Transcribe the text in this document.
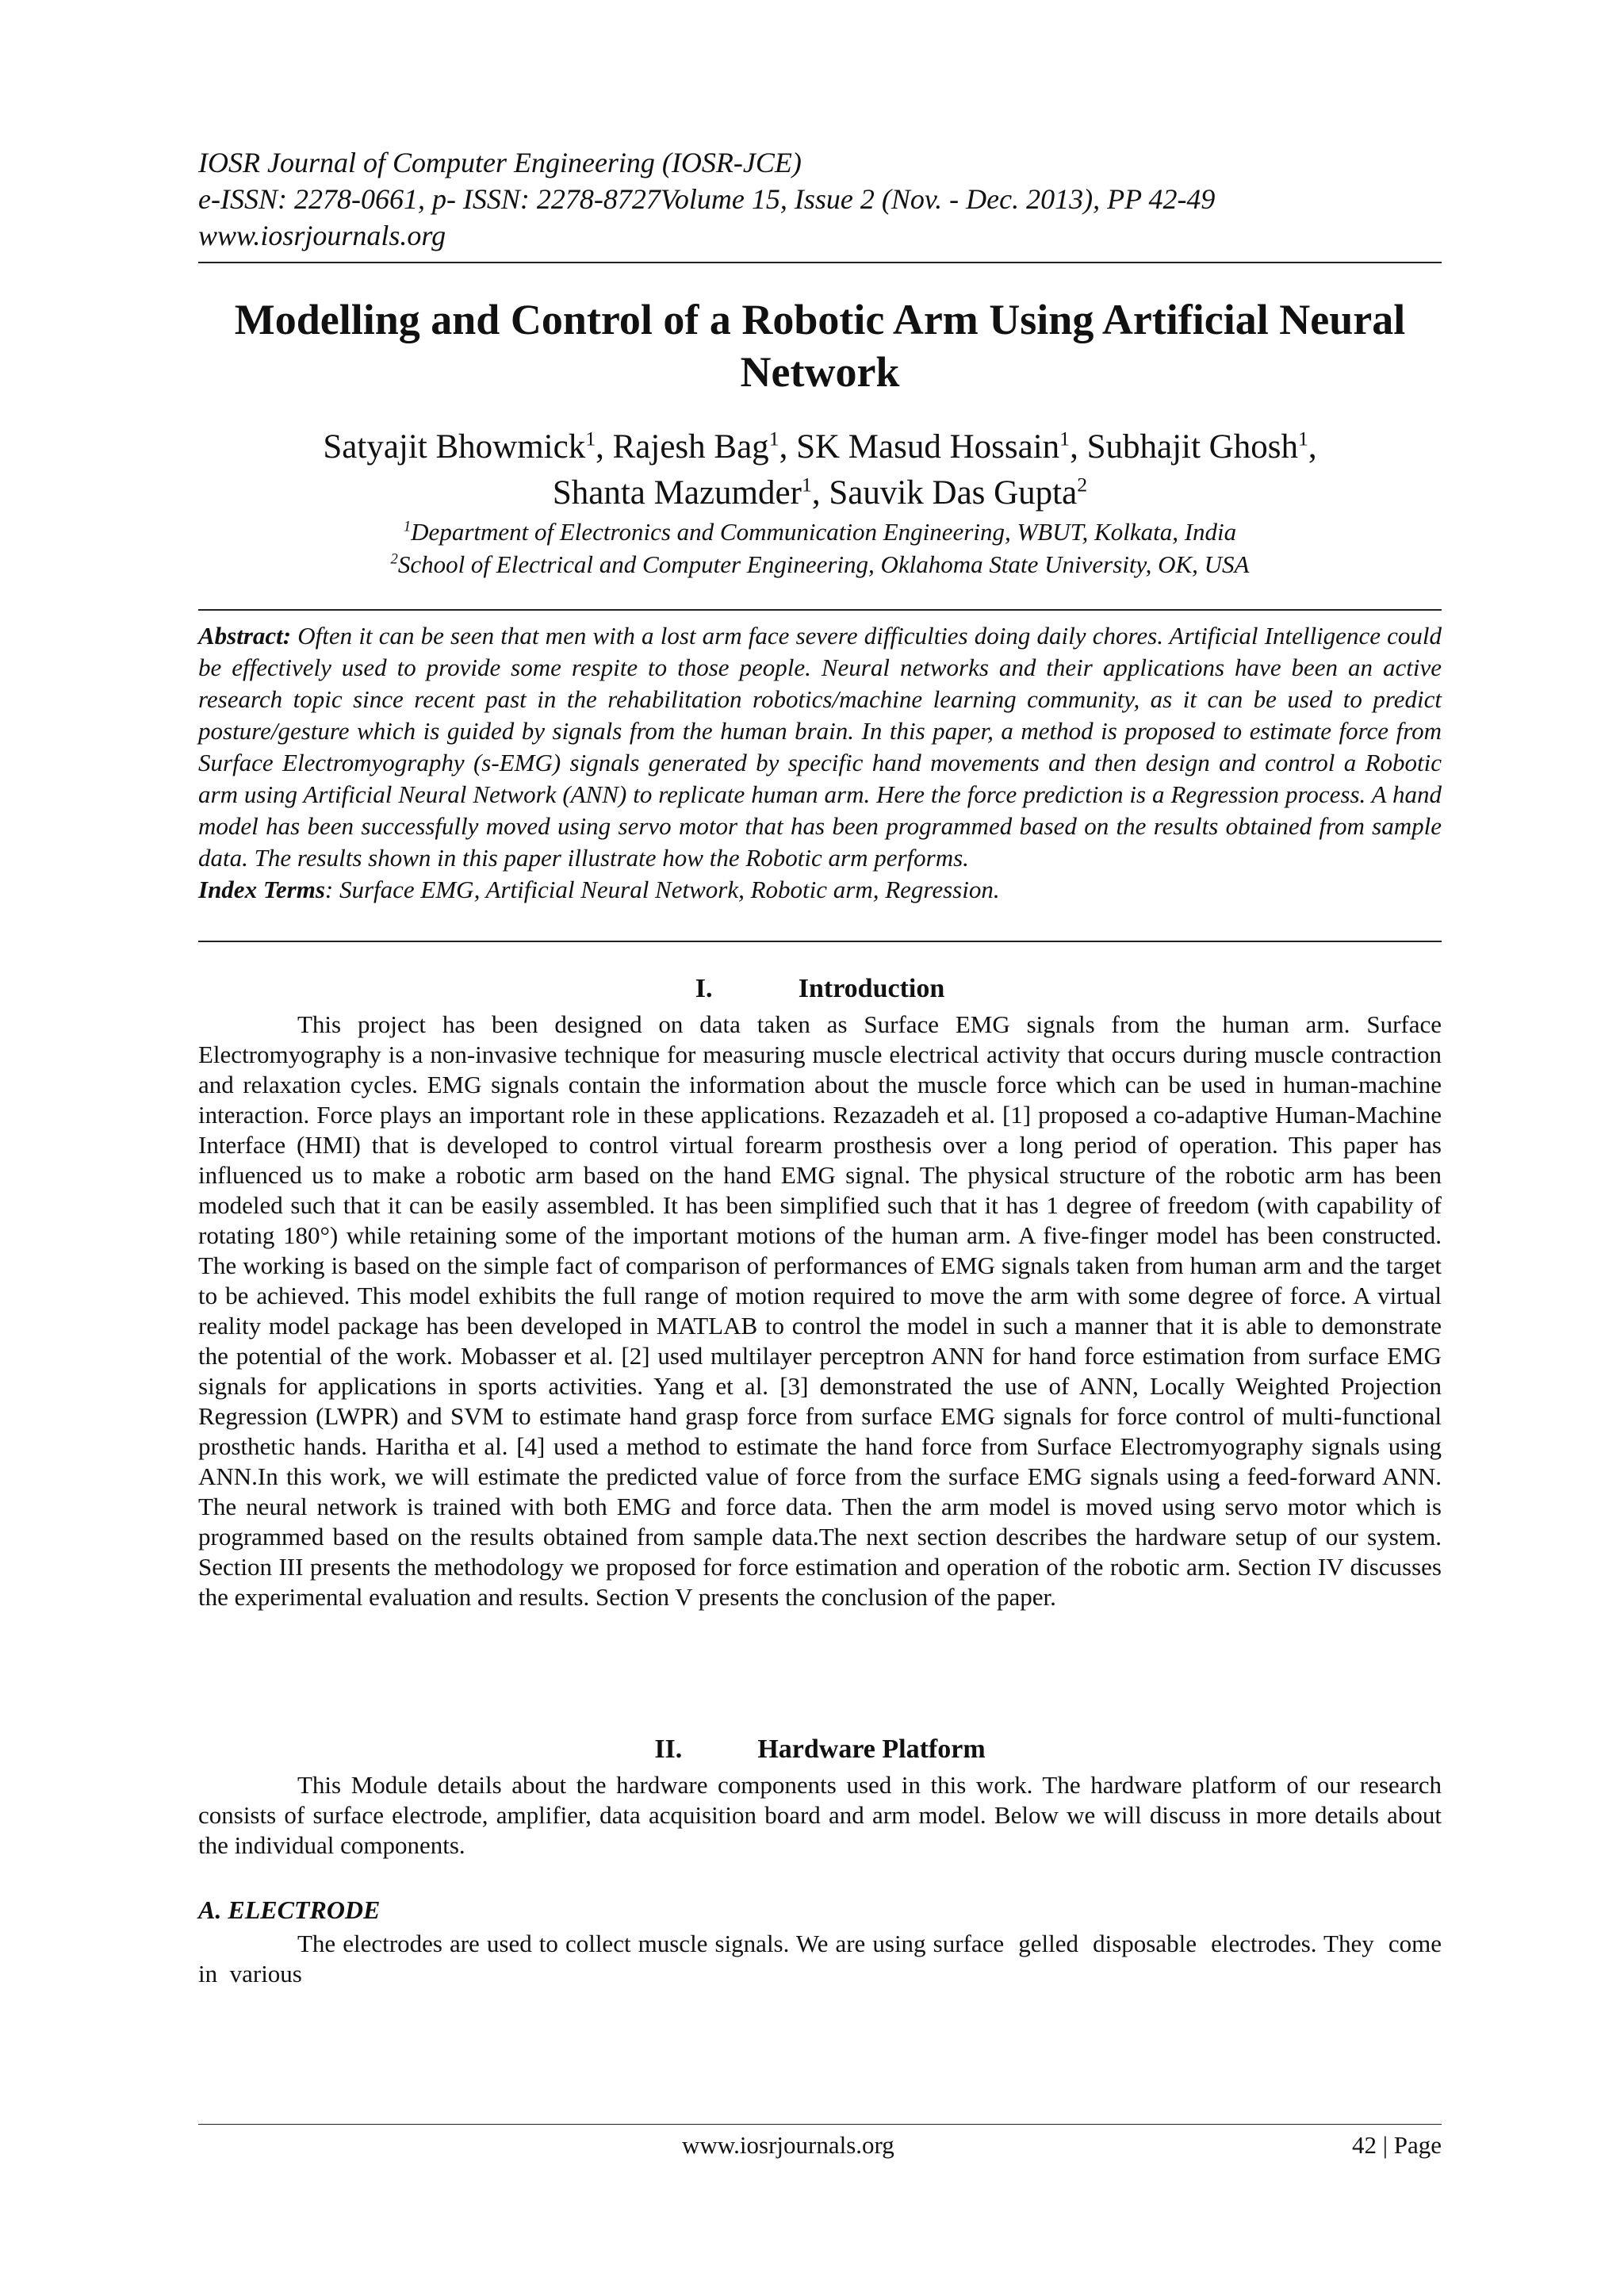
IOSR Journal of Computer Engineering (IOSR-JCE)
e-ISSN: 2278-0661, p- ISSN: 2278-8727Volume 15, Issue 2 (Nov. - Dec. 2013), PP 42-49
www.iosrjournals.org
Modelling and Control of a Robotic Arm Using Artificial Neural Network
Satyajit Bhowmick$^1$, Rajesh Bag$^1$, SK Masud Hossain$^1$, Subhajit Ghosh$^1$,
Shanta Mazumder$^1$, Sauvik Das Gupta$^2$
$^1$Department of Electronics and Communication Engineering, WBUT, Kolkata, India
$^2$School of Electrical and Computer Engineering, Oklahoma State University, OK, USA
Abstract: Often it can be seen that men with a lost arm face severe difficulties doing daily chores. Artificial Intelligence could be effectively used to provide some respite to those people. Neural networks and their applications have been an active research topic since recent past in the rehabilitation robotics/machine learning community, as it can be used to predict posture/gesture which is guided by signals from the human brain. In this paper, a method is proposed to estimate force from Surface Electromyography (s-EMG) signals generated by specific hand movements and then design and control a Robotic arm using Artificial Neural Network (ANN) to replicate human arm. Here the force prediction is a Regression process. A hand model has been successfully moved using servo motor that has been programmed based on the results obtained from sample data. The results shown in this paper illustrate how the Robotic arm performs.
Index Terms: Surface EMG, Artificial Neural Network, Robotic arm, Regression.
I.	Introduction
This project has been designed on data taken as Surface EMG signals from the human arm. Surface Electromyography is a non-invasive technique for measuring muscle electrical activity that occurs during muscle contraction and relaxation cycles. EMG signals contain the information about the muscle force which can be used in human-machine interaction. Force plays an important role in these applications. Rezazadeh et al. [1] proposed a co-adaptive Human-Machine Interface (HMI) that is developed to control virtual forearm prosthesis over a long period of operation. This paper has influenced us to make a robotic arm based on the hand EMG signal. The physical structure of the robotic arm has been modeled such that it can be easily assembled. It has been simplified such that it has 1 degree of freedom (with capability of rotating 180°) while retaining some of the important motions of the human arm. A five-finger model has been constructed. The working is based on the simple fact of comparison of performances of EMG signals taken from human arm and the target to be achieved. This model exhibits the full range of motion required to move the arm with some degree of force. A virtual reality model package has been developed in MATLAB to control the model in such a manner that it is able to demonstrate the potential of the work. Mobasser et al. [2] used multilayer perceptron ANN for hand force estimation from surface EMG signals for applications in sports activities. Yang et al. [3] demonstrated the use of ANN, Locally Weighted Projection Regression (LWPR) and SVM to estimate hand grasp force from surface EMG signals for force control of multi-functional prosthetic hands. Haritha et al. [4] used a method to estimate the hand force from Surface Electromyography signals using ANN.In this work, we will estimate the predicted value of force from the surface EMG signals using a feed-forward ANN. The neural network is trained with both EMG and force data. Then the arm model is moved using servo motor which is programmed based on the results obtained from sample data.The next section describes the hardware setup of our system. Section III presents the methodology we proposed for force estimation and operation of the robotic arm. Section IV discusses the experimental evaluation and results. Section V presents the conclusion of the paper.
II.	Hardware Platform
This Module details about the hardware components used in this work. The hardware platform of our research consists of surface electrode, amplifier, data acquisition board and arm model. Below we will discuss in more details about the individual components.
A. ELECTRODE
The electrodes are used to collect muscle signals. We are using surface  gelled  disposable  electrodes. They  come   in  various
www.iosrjournals.org	42 | Page
